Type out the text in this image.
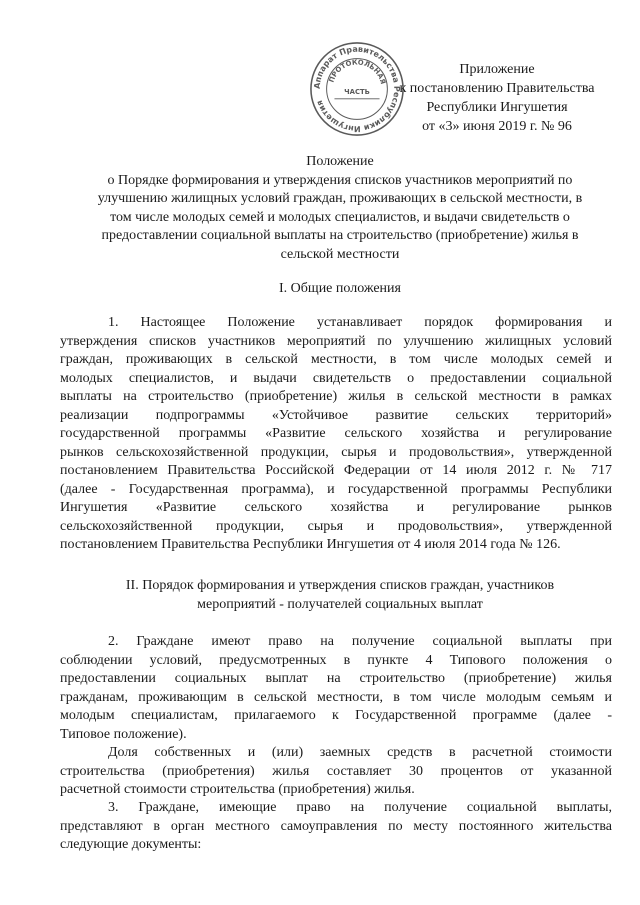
Аппарат Правительства Республики Ингушетия
ПРОТОКОЛЬНАЯ
ЧАСТЬ
Приложение
к постановлению Правительства
Республики Ингушетия
от «3» июня 2019 г. № 96
Положение
о Порядке формирования и утверждения списков участников мероприятий по
улучшению жилищных условий граждан, проживающих в сельской местности, в
том числе молодых семей и молодых специалистов, и выдачи свидетельств о
предоставлении социальной выплаты на строительство (приобретение) жилья в
сельской местности
I. Общие положения
1. Настоящее Положение устанавливает порядок формирования и
утверждения списков участников мероприятий по улучшению жилищных условий
граждан, проживающих в сельской местности, в том числе молодых семей и
молодых специалистов, и выдачи свидетельств о предоставлении социальной
выплаты на строительство (приобретение) жилья в сельской местности в рамках
реализации подпрограммы «Устойчивое развитие сельских территорий»
государственной программы «Развитие сельского хозяйства и регулирование
рынков сельскохозяйственной продукции, сырья и продовольствия», утвержденной
постановлением Правительства Российской Федерации от 14 июля 2012 г. № 717
(далее - Государственная программа), и государственной программы Республики
Ингушетия «Развитие сельского хозяйства и регулирование рынков
сельскохозяйственной продукции, сырья и продовольствия», утвержденной
постановлением Правительства Республики Ингушетия от 4 июля 2014 года № 126.
II. Порядок формирования и утверждения списков граждан, участников
мероприятий - получателей социальных выплат
2. Граждане имеют право на получение социальной выплаты при
соблюдении условий, предусмотренных в пункте 4 Типового положения о
предоставлении социальных выплат на строительство (приобретение) жилья
гражданам, проживающим в сельской местности, в том числе молодым семьям и
молодым специалистам, прилагаемого к Государственной программе (далее -
Типовое положение).
Доля собственных и (или) заемных средств в расчетной стоимости
строительства (приобретения) жилья составляет 30 процентов от указанной
расчетной стоимости строительства (приобретения) жилья.
3. Граждане, имеющие право на получение социальной выплаты,
представляют в орган местного самоуправления по месту постоянного жительства
следующие документы:
